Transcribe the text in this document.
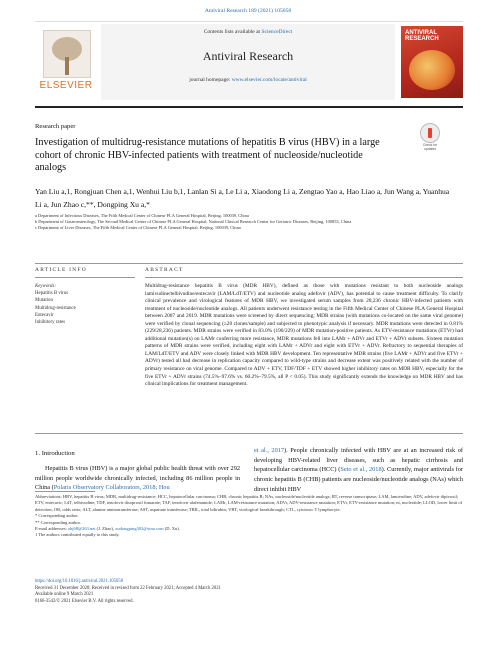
Antiviral Research 189 (2021) 105058
ELSEVIER
Contents lists available at ScienceDirect
Antiviral Research
journal homepage: www.elsevier.com/locate/antiviral
ANTIVIRAL RESEARCH
Research paper
Investigation of multidrug-resistance mutations of hepatitis B virus (HBV) in a large cohort of chronic HBV-infected patients with treatment of nucleoside/nucleotide analogs
Check for updates
Yan Liu a,1, Rongjuan Chen a,1, Wenhui Liu b,1, Lanlan Si a, Le Li a, Xiaodong Li a, Zengtao Yao a, Hao Liao a, Jun Wang a, Yuanhua Li a, Jun Zhao c,**, Dongping Xu a,*
a Department of Infectious Diseases, The Fifth Medical Center of Chinese PLA General Hospital, Beijing, 100039, China
b Department of Gastroenterology, The Second Medical Center of Chinese PLA General Hospital, National Clinical Research Center for Geriatric Diseases, Beijing, 100853, China
c Department of Liver Diseases, The Fifth Medical Center of Chinese PLA General Hospital, Beijing, 100039, China
ARTICLE INFO	ABSTRACT
Keywords:
Hepatitis B virus
Mutation
Multidrug-resistance
Entecavir
Inhibitory rates
Multidrug-resistance hepatitis B virus (MDR HBV), defined as those with mutations resistant to both nucleoside analogs lamivudine/telbivudine/entecavir (LAM/LdT/ETV) and nucleotide analog adefovir (ADV), has potential to cause treatment difficulty. To clarify clinical prevalence and virological features of MDR HBV, we investigated serum samples from 28,236 chronic HBV-infected patients with treatment of nucleoside/nucleotide analogs. All patients underwent resistance testing in the Fifth Medical Center of Chinese PLA General Hospital between 2007 and 2019. MDR mutations were screened by direct sequencing; MDR strains (with mutations co-located on the same viral genome) were verified by clonal sequencing (≥20 clones/sample) and subjected to phenotypic analysis if necessary. MDR mutations were detected in 0.81% (229/28,236) patients. MDR strains were verified in 83.0% (190/229) of MDR mutation-positive patients. As ETV-resistance mutations (ETVr) had additional mutation(s) on LAMr conferring more resistance, MDR mutations fell into LAMr + ADVr and ETVr + ADVr subsets. Sixteen mutation patterns of MDR strains were verified, including eight with LAMr + ADVr and eight with ETVr + ADVr. Refractory to sequential therapies of LAM/LdT/ETV and ADV were closely linked with MDR HBV development. Ten representative MDR strains (five LAMr + ADVr and five ETVr + ADVr) tested all had decrease in replication capacity compared to wild-type strains and decrease extent was positively related with the number of primary resistance on viral genome. Compared to ADV + ETV, TDF/TDF + ETV showed higher inhibitory rates on MDR HBV, especially for the five ETVr + ADVr strains (74.5%–97.6% vs. 60.2%–79.5%, all P < 0.05). This study significantly extends the knowledge on MDR HBV and has clinical implications for treatment management.
1. Introduction
Hepatitis B virus (HBV) is a major global public health threat with over 292 million people worldwide chronically infected, including 86 million people in China (Polaris Observatory Collaborators, 2018; Hou
et al., 2017). People chronically infected with HBV are at an increased risk of developing HBV-related liver diseases, such as hepatic cirrhosis and hepatocellular carcinoma (HCC) (Seto et al., 2018). Currently, major antivirals for chronic hepatitis B (CHB) patients are nucleoside/nucleotide analogs (NAs) which direct inhibit HBV

Abbreviations: HBV, hepatitis B virus; MDR, multidrug-resistance; HCC, hepatocellular carcinoma; CHB, chronic hepatitis B; NAs, nucleoside/nucleotide analogs; RT, reverse transcriptase; LAM, lamivudine; ADV, adefovir dipivoxil; ETV, entecavir; LdT, telbivudine; TDF, tenofovir disoproxil fumarate; TAF, tenofovir alafenamide; LAMr, LAM-resistance mutation; ADVr, ADV-resistance mutation; ETVr, ETV-resistance mutation; nt, nucleotide; LLOD, lower limit of detection; OR, odds ratio; ALT, alanine aminotransferase; AST, aspartate transferase; TBIL, total bilirubin; VBT, virological breakthrough; CTL, cytotoxic T lymphocyte.

* Corresponding author.

** Corresponding author.

E-mail addresses: zhj68@263.net (J. Zhao), xudongping302@sina.com (D. Xu).

1 The authors contributed equally to this study.

https://doi.org/10.1016/j.antiviral.2021.105058
Received 31 December 2020; Received in revised form 22 February 2021; Accepted 4 March 2021
Available online 9 March 2021
0166-3542/© 2021 Elsevier B.V. All rights reserved.
